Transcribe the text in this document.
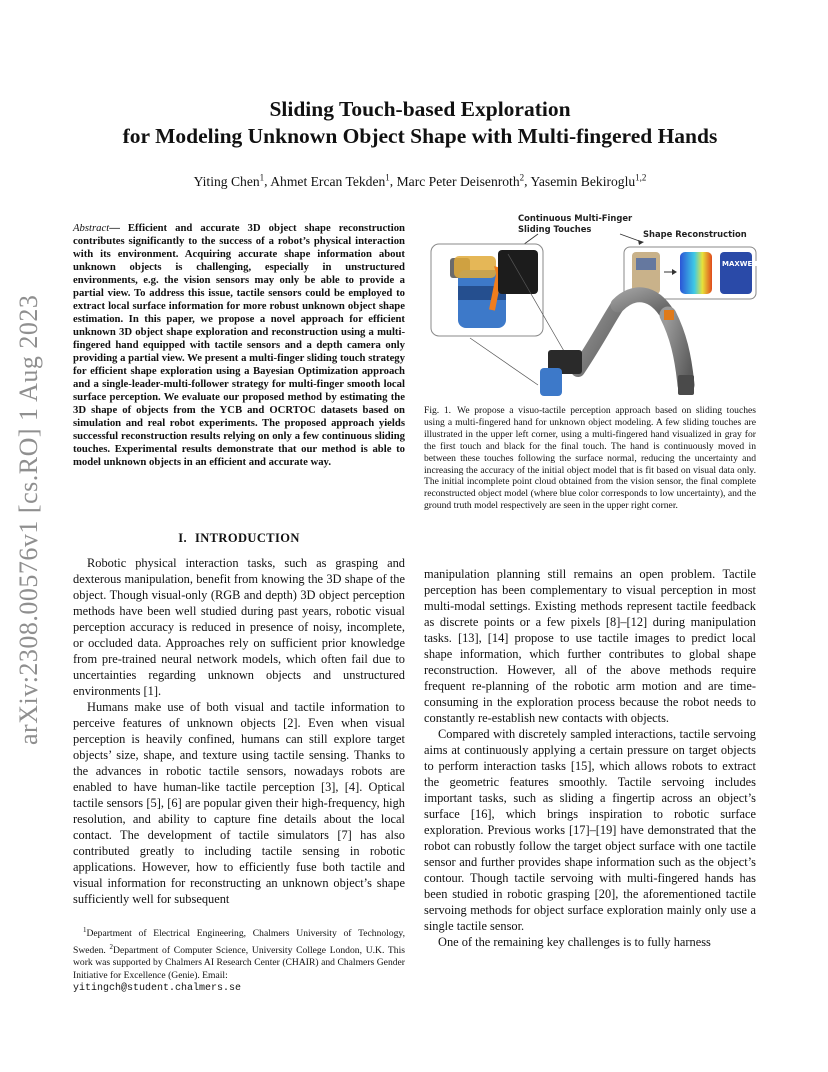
arXiv:2308.00576v1 [cs.RO] 1 Aug 2023
Sliding Touch-based Exploration
for Modeling Unknown Object Shape with Multi-fingered Hands
Yiting Chen$^1$, Ahmet Ercan Tekden$^1$, Marc Peter Deisenroth$^2$, Yasemin Bekiroglu$^{1,2}$

Abstract— Efficient and accurate 3D object shape reconstruction contributes significantly to the success of a robot’s physical interaction with its environment. Acquiring accurate shape information about unknown objects is challenging, especially in unstructured environments, e.g. the vision sensors may only be able to provide a partial view. To address this issue, tactile sensors could be employed to extract local surface information for more robust unknown object shape estimation. In this paper, we propose a novel approach for efficient unknown 3D object shape exploration and reconstruction using a multi-fingered hand equipped with tactile sensors and a depth camera only providing a partial view. We present a multi-finger sliding touch strategy for efficient shape exploration using a Bayesian Optimization approach and a single-leader-multi-follower strategy for multi-finger smooth local surface perception. We evaluate our proposed method by estimating the 3D shape of objects from the YCB and OCRTOC datasets based on simulation and real robot experiments. The proposed approach yields successful reconstruction results relying on only a few continuous sliding touches. Experimental results demonstrate that our method is able to model unknown objects in an efficient and accurate way.

I. INTRODUCTION

Robotic physical interaction tasks, such as grasping and dexterous manipulation, benefit from knowing the 3D shape of the object. Though visual-only (RGB and depth) 3D object perception methods have been well studied during past years, robotic visual perception accuracy is reduced in presence of noisy, incomplete, or occluded data. Approaches rely on sufficient prior knowledge from pre-trained neural network models, which often fail due to uncertainties regarding unknown objects and unstructured environments [1].

Humans make use of both visual and tactile information to perceive features of unknown objects [2]. Even when visual perception is heavily confined, humans can still explore target objects’ size, shape, and texture using tactile sensing. Thanks to the advances in robotic tactile sensors, nowadays robots are enabled to have human-like tactile perception [3], [4]. Optical tactile sensors [5], [6] are popular given their high-frequency, high resolution, and ability to capture fine details about the local contact. The development of tactile simulators [7] has also contributed greatly to including tactile sensing in robotic applications. However, how to efficiently fuse both tactile and visual information for reconstructing an unknown object’s shape sufficiently well for subsequent

$^1$Department of Electrical Engineering, Chalmers University of Technology, Sweden. $^2$Department of Computer Science, University College London, U.K. This work was supported by Chalmers AI Research Center (CHAIR) and Chalmers Gender Initiative for Excellence (Genie). Email:

yitingch@student.chalmers.se
Continuous Multi-Finger
Sliding Touches	Shape Reconstruction
MAXWE HOUS

Fig. 1. We propose a visuo-tactile perception approach based on sliding touches using a multi-fingered hand for unknown object modeling. A few sliding touches are illustrated in the upper left corner, using a multi-fingered hand visualized in gray for the first touch and black for the final touch. The hand is continuously moved in between these touches following the surface normal, reducing the uncertainty and increasing the accuracy of the initial object model that is fit based on visual data only. The initial incomplete point cloud obtained from the vision sensor, the final complete reconstructed object model (where blue color corresponds to low uncertainty), and the ground truth model respectively are seen in the upper right corner.

manipulation planning still remains an open problem. Tactile perception has been complementary to visual perception in most multi-modal settings. Existing methods represent tactile feedback as discrete points or a few pixels [8]–[12] during manipulation tasks. [13], [14] propose to use tactile images to predict local shape information, which further contributes to global shape reconstruction. However, all of the above methods require frequent re-planning of the robotic arm motion and are time-consuming in the exploration process because the robot needs to constantly re-establish new contacts with objects.

Compared with discretely sampled interactions, tactile servoing aims at continuously applying a certain pressure on target objects to perform interaction tasks [15], which allows robots to extract the geometric features smoothly. Tactile servoing includes important tasks, such as sliding a fingertip across an object’s surface [16], which brings inspiration to robotic surface exploration. Previous works [17]–[19] have demonstrated that the robot can robustly follow the target object surface with one tactile sensor and further provides shape information such as the object’s contour. Though tactile servoing with multi-fingered hands has been studied in robotic grasping [20], the aforementioned tactile servoing methods for object surface exploration mainly only use a single tactile sensor.

One of the remaining key challenges is to fully harness
